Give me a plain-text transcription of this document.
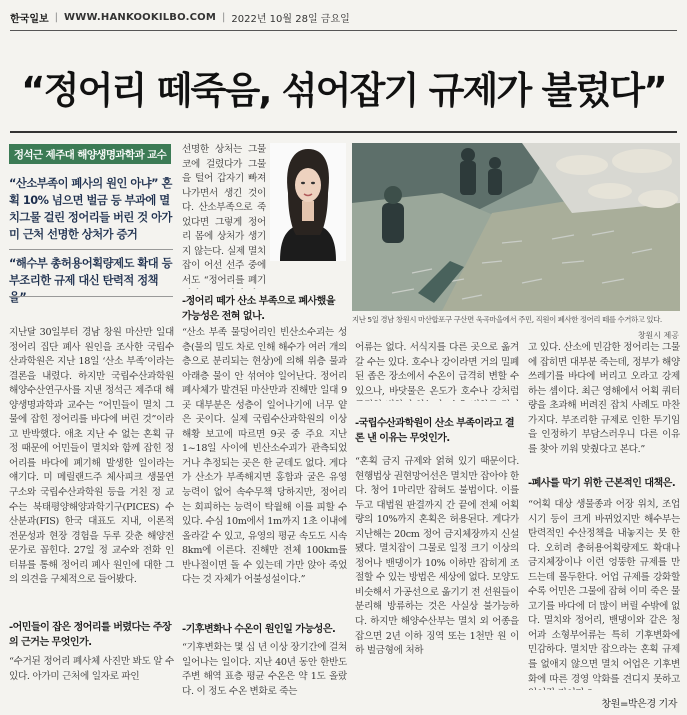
한국일보 | WWW.HANKOOKILBO.COM | 2022년 10월 28일 금요일
“정어리 떼죽음, 섞어잡기 규제가 불렀다”
정석근 제주대 해양생명과학과 교수
“산소부족이 폐사의 원인 아냐” 혼획 10% 넘으면 벌금 등 부과에 멸치그물 걸린 정어리들 버린 것 아가미 근처 선명한 상처가 증거
“해수부 총허용어획량제도 확대 등 부조리한 규제 대신 탄력적 정책을”
지난달 30일부터 경남 창원 마산만 일대 정어리 집단 폐사 원인을 조사한 국립수산과학원은 지난 18일 ‘산소 부족’이라는 결론을 내렸다. 하지만 국립수산과학원 해양수산연구사를 지낸 정석근 제주대 해양생명과학과 교수는 “어민들이 멸치 그물에 잡힌 정어리를 바다에 버린 것”이라고 반박했다. 애초 지난 수 없는 혼획 규정 때문에 어민들이 멸치와 함께 잡힌 정어리를 바다에 폐기해 발생한 일이라는 얘기다. 미 메릴랜드주 체사피크 생물연구소와 국립수산과학원 등을 거친 정 교수는 북태평양해양과학기구(PICES) 수산분과(FIS) 한국 대표도 지내, 이론적 전문성과 현장 경험을 두루 갖춘 해양전문가로 꼽힌다. 27일 정 교수와 전화 인터뷰를 통해 정어리 폐사 원인에 대한 그의 의견을 구체적으로 들어봤다.
-어민들이 잡은 정어리를 버렸다는 주장의 근거는 무엇인가.
“수거된 정어리 폐사체 사진만 봐도 알 수 있다. 아가미 근처에 일자로 파인
선명한 상처는 그물코에 걸렸다가 그물을 털어 갑자기 빠져나가면서 생긴 것이다. 산소부족으로 죽었다면 그렇게 정어리 몸에 상처가 생기지 않는다. 실제 멸치잡이 어선 선주 중에서도 “정어리를 폐기
-정어리 떼가 산소 부족으로 폐사했을 가능성은 전혀 없나.
“산소 부족 물덩어리인 빈산소수괴는 성층(물의 밀도 차로 인해 해수가 여러 개의 층으로 분리되는 현상)에 의해 위층 물과 아래층 물이 안 섞여야 일어난다. 정어리 폐사체가 발견된 마산만과 진해만 일대 9곳 대부분은 성층이 일어나기에 너무 얕은 곳이다. 실제 국립수산과학원의 이상해황 보고에 따르면 9곳 중 주요 지난 1~18일 사이에 빈산소수괴가 관측되었거나 추정되는 곳은 한 군데도 없다. 게다가 산소가 부족해지면 홍합과 굴은 유영 능력이 없어 속수무책 당하지만, 정어리는 회피하는 능력이 탁월해 이를 피할 수 있다. 수심 10m에서 1m까지 1초 이내에 올라갈 수 있고, 유영의 평균 속도도 시속 8km에 이른다. 진해만 전체 100km를 반나절이면 돌 수 있는데 가만 앉아 죽었다는 것 자체가 어불성설이다.”
-기후변화나 수온이 원인일 가능성은.
“기후변화는 몇 십 년 이상 장기간에 걸쳐 일어나는 일이다. 지난 40년 동안 한반도 주변 해역 표층 평균 수온은 약 1도 올랐다. 이 정도 수온 변화로 죽는
지난 5일 경남 창원시 마산합포구 구산면 욱곡마을에서 주민, 직원이 폐사한 정어리 떼를 수거하고 있다.
창원시 제공
어류는 없다. 서식지를 다른 곳으로 옮겨갈 수는 있다. 호수나 강이라면 거의 밀폐된 좁은 장소에서 수온이 급격히 변할 수 있으나, 바닷물은 온도가 호수나 강처럼
-국립수산과학원이 산소 부족이라고 결론 낸 이유는 무엇인가.
“혼획 금지 규제와 얽혀 있기 때문이다. 현행법상 권현망어선은 멸치만 잡아야 한다. 청어 1마리만 잡혀도 불법이다. 이를 두고 대법원 판결까지 간 끝에 전체 어획량의 10%까지 혼획은 허용된다. 게다가 지난해는 20cm 정어 금지체장까지 신설됐다. 멸치잡이 그물로 일정 크기 이상의 정어나 밴댕이가 10% 이하만 잡히게 조절할 수 있는 방법은 세상에 없다. 모양도 비슷해서 가공선으로 옮기기 전 선원들이 분리해 방류하는 것은 사실상 불가능하다. 하지만 해양수산부는 멸치 외 어종을 잡으면 2년 이하 징역 또는 1천만 원 이하 벌금형에 처하
고 있다. 산소에 민감한 정어리는 그물에 잡히면 대부분 죽는데, 정부가 해양쓰레기를 바다에 버리고 오라고 강제하는 셈이다. 최근 영해에서 어획 쿼터량을 초과해 버려진 잡치 사례도 마찬가지다. 부조리한 규제로 인한 투기임을 인정하기 부담스러우니 다른 이유를 찾아 끼워 맞췄다고 본다.”
-폐사를 막기 위한 근본적인 대책은.
“어획 대상 생물종과 어장 위치, 조업시기 등이 크게 바뀌었지만 해수부는 탄력적인 수산정책을 내놓지는 못 한다. 오히려 총허용어획량제도 확대나 금지체장이나 이런 엉뚱한 규제를 만드는데 몰두한다. 어업 규제를 강화할수록 어민은 그물에 잡혀 이미 죽은 물고기를 바다에 더 많이 버릴 수밖에 없다. 멸치와 정어리, 밴댕이와 같은 청어과 소형부어류는 특히 기후변화에 민감하다. 멸치만 잡으라는 혼획 규제를 없애지 않으면 멸치 어업은 기후변화에 따른 경영 악화를 견디지 못하고
창원=박은경 기자
